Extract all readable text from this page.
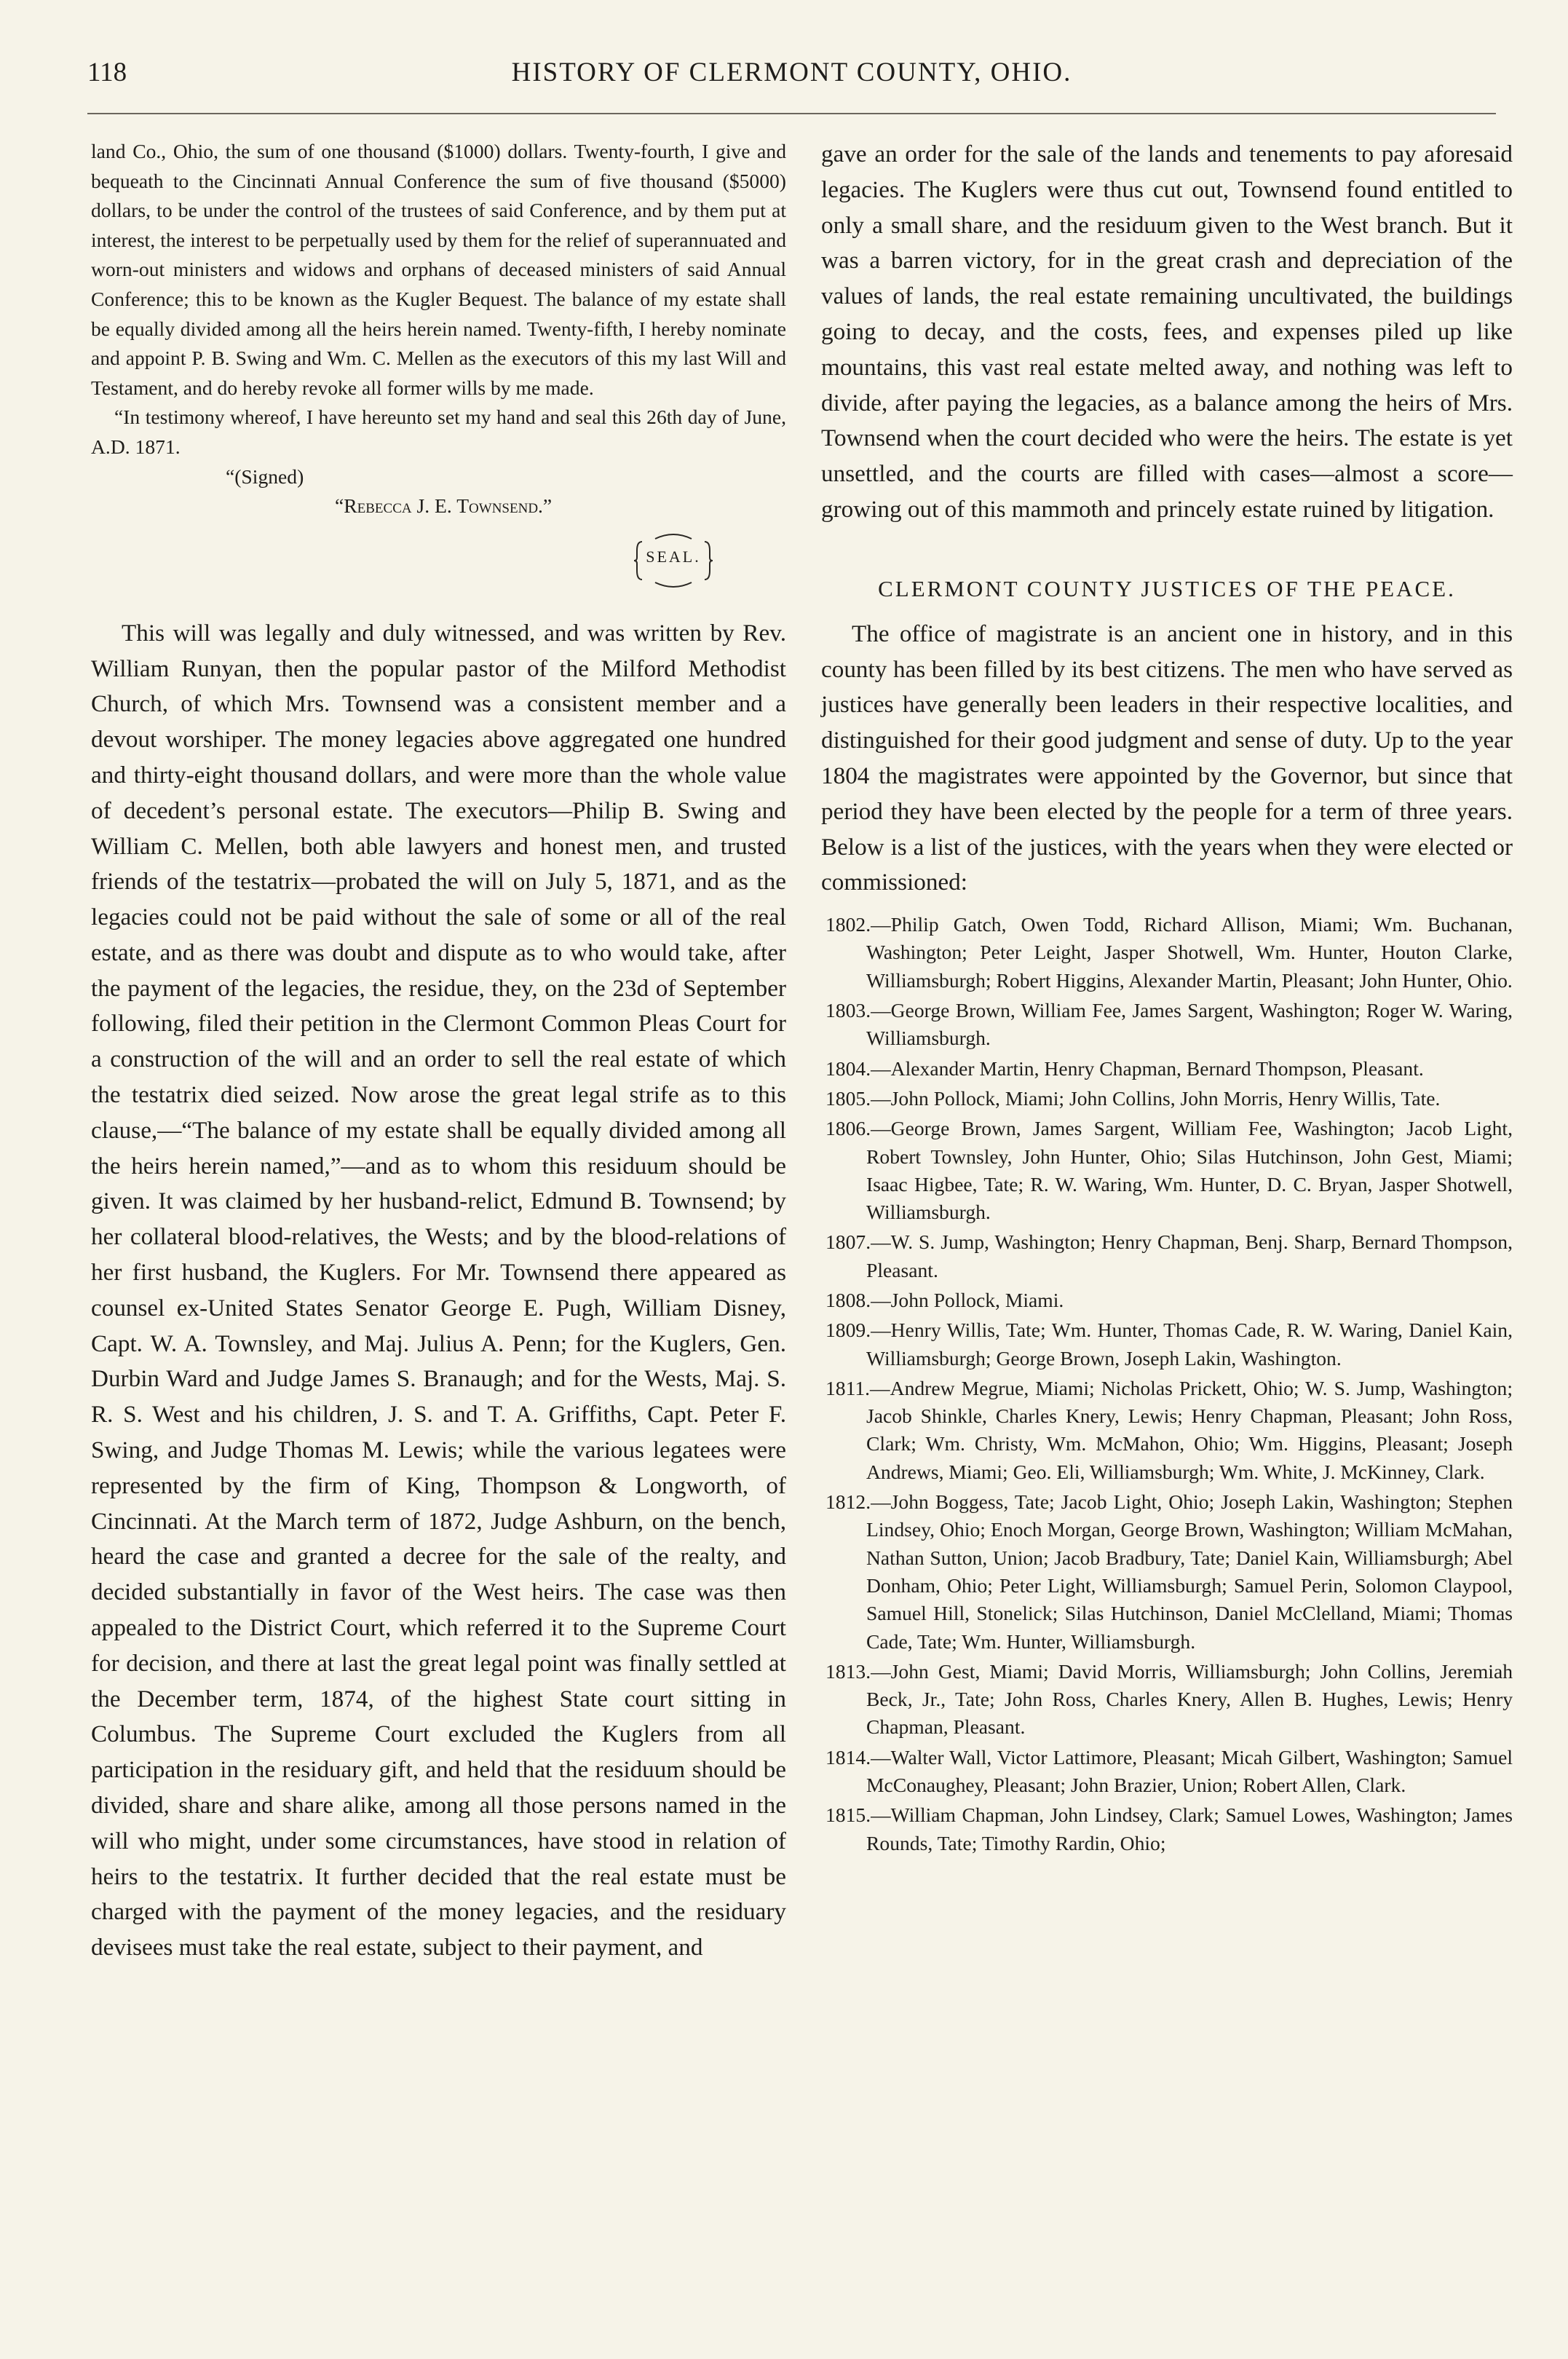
118	HISTORY OF CLERMONT COUNTY, OHIO.

land Co., Ohio, the sum of one thousand ($1000) dollars. Twenty-fourth, I give and bequeath to the Cincinnati Annual Conference the sum of five thousand ($5000) dollars, to be under the control of the trustees of said Conference, and by them put at interest, the interest to be perpetually used by them for the relief of superannuated and worn-out ministers and widows and orphans of deceased ministers of said Annual Conference; this to be known as the Kugler Bequest. The balance of my estate shall be equally divided among all the heirs herein named. Twenty-fifth, I hereby nominate and appoint P. B. Swing and Wm. C. Mellen as the executors of this my last Will and Testament, and do hereby revoke all former wills by me made.

“In testimony whereof, I have hereunto set my hand and seal this 26th day of June, A.D. 1871.

“(Signed)

“Rebecca J. E. Townsend.”

SEAL.

This will was legally and duly witnessed, and was written by Rev. William Runyan, then the popular pastor of the Milford Methodist Church, of which Mrs. Townsend was a consistent member and a devout worshiper. The money legacies above aggregated one hundred and thirty-eight thousand dollars, and were more than the whole value of decedent’s personal estate. The executors—Philip B. Swing and William C. Mellen, both able lawyers and honest men, and trusted friends of the testatrix—probated the will on July 5, 1871, and as the legacies could not be paid without the sale of some or all of the real estate, and as there was doubt and dispute as to who would take, after the payment of the legacies, the residue, they, on the 23d of September following, filed their petition in the Clermont Common Pleas Court for a construction of the will and an order to sell the real estate of which the testatrix died seized. Now arose the great legal strife as to this clause,—“The balance of my estate shall be equally divided among all the heirs herein named,”—and as to whom this residuum should be given. It was claimed by her husband-relict, Edmund B. Townsend; by her collateral blood-relatives, the Wests; and by the blood-relations of her first husband, the Kuglers. For Mr. Townsend there appeared as counsel ex-United States Senator George E. Pugh, William Disney, Capt. W. A. Townsley, and Maj. Julius A. Penn; for the Kuglers, Gen. Durbin Ward and Judge James S. Branaugh; and for the Wests, Maj. S. R. S. West and his children, J. S. and T. A. Griffiths, Capt. Peter F. Swing, and Judge Thomas M. Lewis; while the various legatees were represented by the firm of King, Thompson & Longworth, of Cincinnati. At the March term of 1872, Judge Ashburn, on the bench, heard the case and granted a decree for the sale of the realty, and decided substantially in favor of the West heirs. The case was then appealed to the District Court, which referred it to the Supreme Court for decision, and there at last the great legal point was finally settled at the December term, 1874, of the highest State court sitting in Columbus. The Supreme Court excluded the Kuglers from all participation in the residuary gift, and held that the residuum should be divided, share and share alike, among all those persons named in the will who might, under some circumstances, have stood in relation of heirs to the testatrix. It further decided that the real estate must be charged with the payment of the money legacies, and the residuary devisees must take the real estate, subject to their payment, and

gave an order for the sale of the lands and tenements to pay aforesaid legacies. The Kuglers were thus cut out, Townsend found entitled to only a small share, and the residuum given to the West branch. But it was a barren victory, for in the great crash and depreciation of the values of lands, the real estate remaining uncultivated, the buildings going to decay, and the costs, fees, and expenses piled up like mountains, this vast real estate melted away, and nothing was left to divide, after paying the legacies, as a balance among the heirs of Mrs. Townsend when the court decided who were the heirs. The estate is yet unsettled, and the courts are filled with cases—almost a score—growing out of this mammoth and princely estate ruined by litigation.

CLERMONT COUNTY JUSTICES OF THE PEACE.

The office of magistrate is an ancient one in history, and in this county has been filled by its best citizens. The men who have served as justices have generally been leaders in their respective localities, and distinguished for their good judgment and sense of duty. Up to the year 1804 the magistrates were appointed by the Governor, but since that period they have been elected by the people for a term of three years. Below is a list of the justices, with the years when they were elected or commissioned:

1802.—Philip Gatch, Owen Todd, Richard Allison, Miami; Wm. Buchanan, Washington; Peter Leight, Jasper Shotwell, Wm. Hunter, Houton Clarke, Williamsburgh; Robert Higgins, Alexander Martin, Pleasant; John Hunter, Ohio.

1803.—George Brown, William Fee, James Sargent, Washington; Roger W. Waring, Williamsburgh.

1804.—Alexander Martin, Henry Chapman, Bernard Thompson, Pleasant.

1805.—John Pollock, Miami; John Collins, John Morris, Henry Willis, Tate.

1806.—George Brown, James Sargent, William Fee, Washington; Jacob Light, Robert Townsley, John Hunter, Ohio; Silas Hutchinson, John Gest, Miami; Isaac Higbee, Tate; R. W. Waring, Wm. Hunter, D. C. Bryan, Jasper Shotwell, Williamsburgh.

1807.—W. S. Jump, Washington; Henry Chapman, Benj. Sharp, Bernard Thompson, Pleasant.

1808.—John Pollock, Miami.

1809.—Henry Willis, Tate; Wm. Hunter, Thomas Cade, R. W. Waring, Daniel Kain, Williamsburgh; George Brown, Joseph Lakin, Washington.

1811.—Andrew Megrue, Miami; Nicholas Prickett, Ohio; W. S. Jump, Washington; Jacob Shinkle, Charles Knery, Lewis; Henry Chapman, Pleasant; John Ross, Clark; Wm. Christy, Wm. McMahon, Ohio; Wm. Higgins, Pleasant; Joseph Andrews, Miami; Geo. Eli, Williamsburgh; Wm. White, J. McKinney, Clark.

1812.—John Boggess, Tate; Jacob Light, Ohio; Joseph Lakin, Washington; Stephen Lindsey, Ohio; Enoch Morgan, George Brown, Washington; William McMahan, Nathan Sutton, Union; Jacob Bradbury, Tate; Daniel Kain, Williamsburgh; Abel Donham, Ohio; Peter Light, Williamsburgh; Samuel Perin, Solomon Claypool, Samuel Hill, Stonelick; Silas Hutchinson, Daniel McClelland, Miami; Thomas Cade, Tate; Wm. Hunter, Williamsburgh.

1813.—John Gest, Miami; David Morris, Williamsburgh; John Collins, Jeremiah Beck, Jr., Tate; John Ross, Charles Knery, Allen B. Hughes, Lewis; Henry Chapman, Pleasant.

1814.—Walter Wall, Victor Lattimore, Pleasant; Micah Gilbert, Washington; Samuel McConaughey, Pleasant; John Brazier, Union; Robert Allen, Clark.

1815.—William Chapman, John Lindsey, Clark; Samuel Lowes, Washington; James Rounds, Tate; Timothy Rardin, Ohio;
